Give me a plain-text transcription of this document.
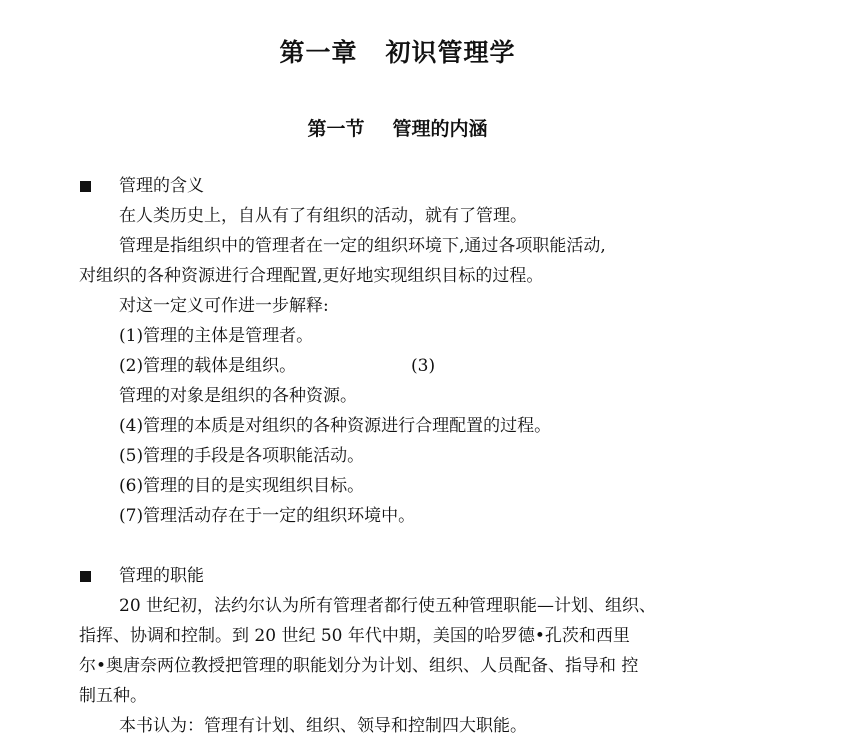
第一章 初识管理学
第一节 管理的内涵
管理的含义
在人类历史上，自从有了有组织的活动，就有了管理。
管理是指组织中的管理者在一定的组织环境下,通过各项职能活动,
对组织的各种资源进行合理配置,更好地实现组织目标的过程。
对这一定义可作进一步解释:
(1)管理的主体是管理者。
(2)管理的载体是组织。	(3)
管理的对象是组织的各种资源。
(4)管理的本质是对组织的各种资源进行合理配置的过程。
(5)管理的手段是各项职能活动。
(6)管理的目的是实现组织目标。
(7)管理活动存在于一定的组织环境中。
管理的职能
20 世纪初，法约尔认为所有管理者都行使五种管理职能—计划、组织、
指挥、协调和控制。到 20 世纪 50 年代中期，美国的哈罗德•孔茨和西里
尔•奥唐奈两位教授把管理的职能划分为计划、组织、人员配备、指导和 控
制五种。
本书认为：管理有计划、组织、领导和控制四大职能。
